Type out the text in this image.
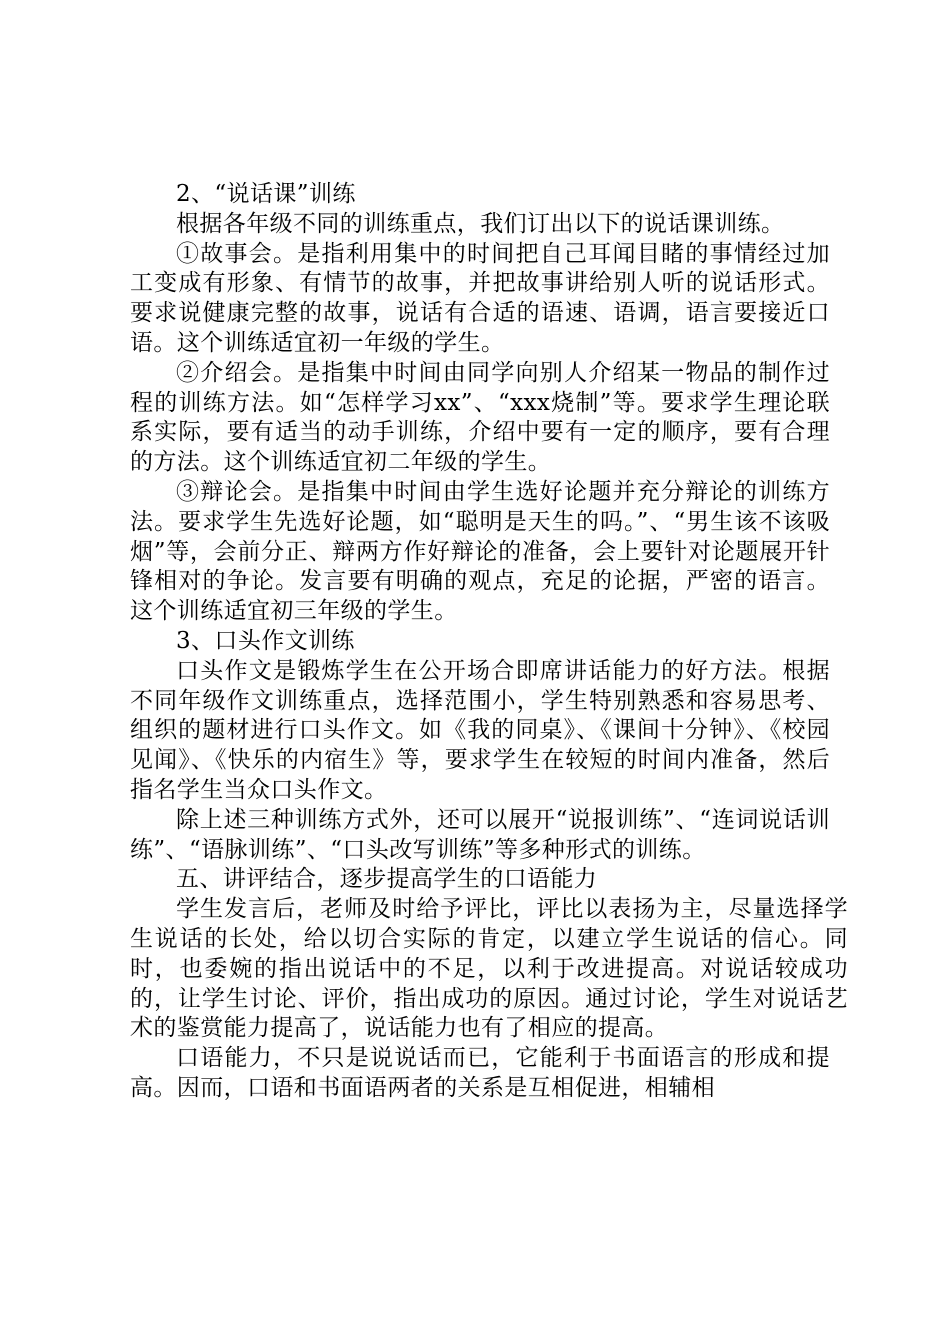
2、“说话课”训练

根据各年级不同的训练重点，我们订出以下的说话课训练。

①故事会。是指利用集中的时间把自己耳闻目睹的事情经过加工变成有形象、有情节的故事，并把故事讲给别人听的说话形式。要求说健康完整的故事，说话有合适的语速、语调，语言要接近口语。这个训练适宜初一年级的学生。

②介绍会。是指集中时间由同学向别人介绍某一物品的制作过程的训练方法。如“怎样学习xx”、“xxx烧制”等。要求学生理论联系实际，要有适当的动手训练，介绍中要有一定的顺序，要有合理的方法。这个训练适宜初二年级的学生。

③辩论会。是指集中时间由学生选好论题并充分辩论的训练方法。要求学生先选好论题，如“聪明是天生的吗。”、“男生该不该吸烟”等，会前分正、辩两方作好辩论的准备，会上要针对论题展开针锋相对的争论。发言要有明确的观点，充足的论据，严密的语言。这个训练适宜初三年级的学生。

3、口头作文训练

口头作文是锻炼学生在公开场合即席讲话能力的好方法。根据不同年级作文训练重点，选择范围小，学生特别熟悉和容易思考、组织的题材进行口头作文。如《我的同桌》、《课间十分钟》、《校园见闻》、《快乐的内宿生》等，要求学生在较短的时间内准备，然后指名学生当众口头作文。

除上述三种训练方式外，还可以展开“说报训练”、“连词说话训练”、“语脉训练”、“口头改写训练”等多种形式的训练。

五、讲评结合，逐步提高学生的口语能力

学生发言后，老师及时给予评比，评比以表扬为主，尽量选择学生说话的长处，给以切合实际的肯定，以建立学生说话的信心。同时，也委婉的指出说话中的不足，以利于改进提高。对说话较成功的，让学生讨论、评价，指出成功的原因。通过讨论，学生对说话艺术的鉴赏能力提高了，说话能力也有了相应的提高。

口语能力，不只是说说话而已，它能利于书面语言的形成和提高。因而，口语和书面语两者的关系是互相促进，相辅相
